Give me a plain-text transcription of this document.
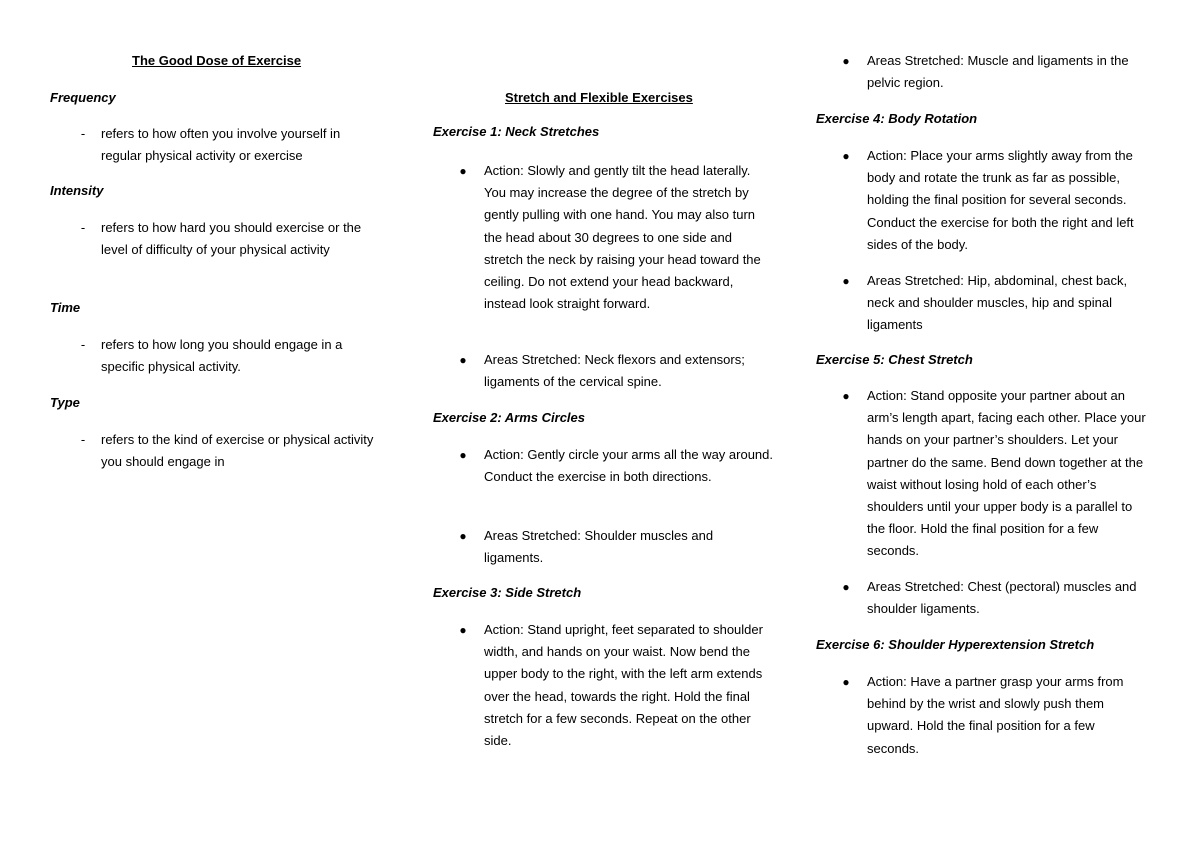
The Good Dose of Exercise
Frequency
-	refers to how often you involve yourself in regular physical activity or exercise
Intensity
-	refers to how hard you should exercise or the level of difficulty of your physical activity
Time
-	refers to how long you should engage in a specific physical activity.
Type
-	refers to the kind of exercise or physical activity you should engage in
Stretch and Flexible Exercises
Exercise 1: Neck Stretches
● Action: Slowly and gently tilt the head laterally. You may increase the degree of the stretch by gently pulling with one hand. You may also turn the head about 30 degrees to one side and stretch the neck by raising your head toward the ceiling. Do not extend your head backward, instead look straight forward.
● Areas Stretched: Neck flexors and extensors; ligaments of the cervical spine.
Exercise 2: Arms Circles
● Action: Gently circle your arms all the way around. Conduct the exercise in both directions.
● Areas Stretched: Shoulder muscles and ligaments.
Exercise 3: Side Stretch
● Action: Stand upright, feet separated to shoulder width, and hands on your waist. Now bend the upper body to the right, with the left arm extends over the head, towards the right. Hold the final stretch for a few seconds. Repeat on the other side.
● Areas Stretched: Muscle and ligaments in the pelvic region.
Exercise 4: Body Rotation
● Action: Place your arms slightly away from the body and rotate the trunk as far as possible, holding the final position for several seconds. Conduct the exercise for both the right and left sides of the body.
● Areas Stretched: Hip, abdominal, chest back, neck and shoulder muscles, hip and spinal ligaments
Exercise 5: Chest Stretch
● Action: Stand opposite your partner about an arm’s length apart, facing each other. Place your hands on your partner’s shoulders. Let your partner do the same. Bend down together at the waist without losing hold of each other’s shoulders until your upper body is a parallel to the floor. Hold the final position for a few seconds.
● Areas Stretched: Chest (pectoral) muscles and shoulder ligaments.
Exercise 6: Shoulder Hyperextension Stretch
● Action: Have a partner grasp your arms from behind by the wrist and slowly push them upward. Hold the final position for a few seconds.
